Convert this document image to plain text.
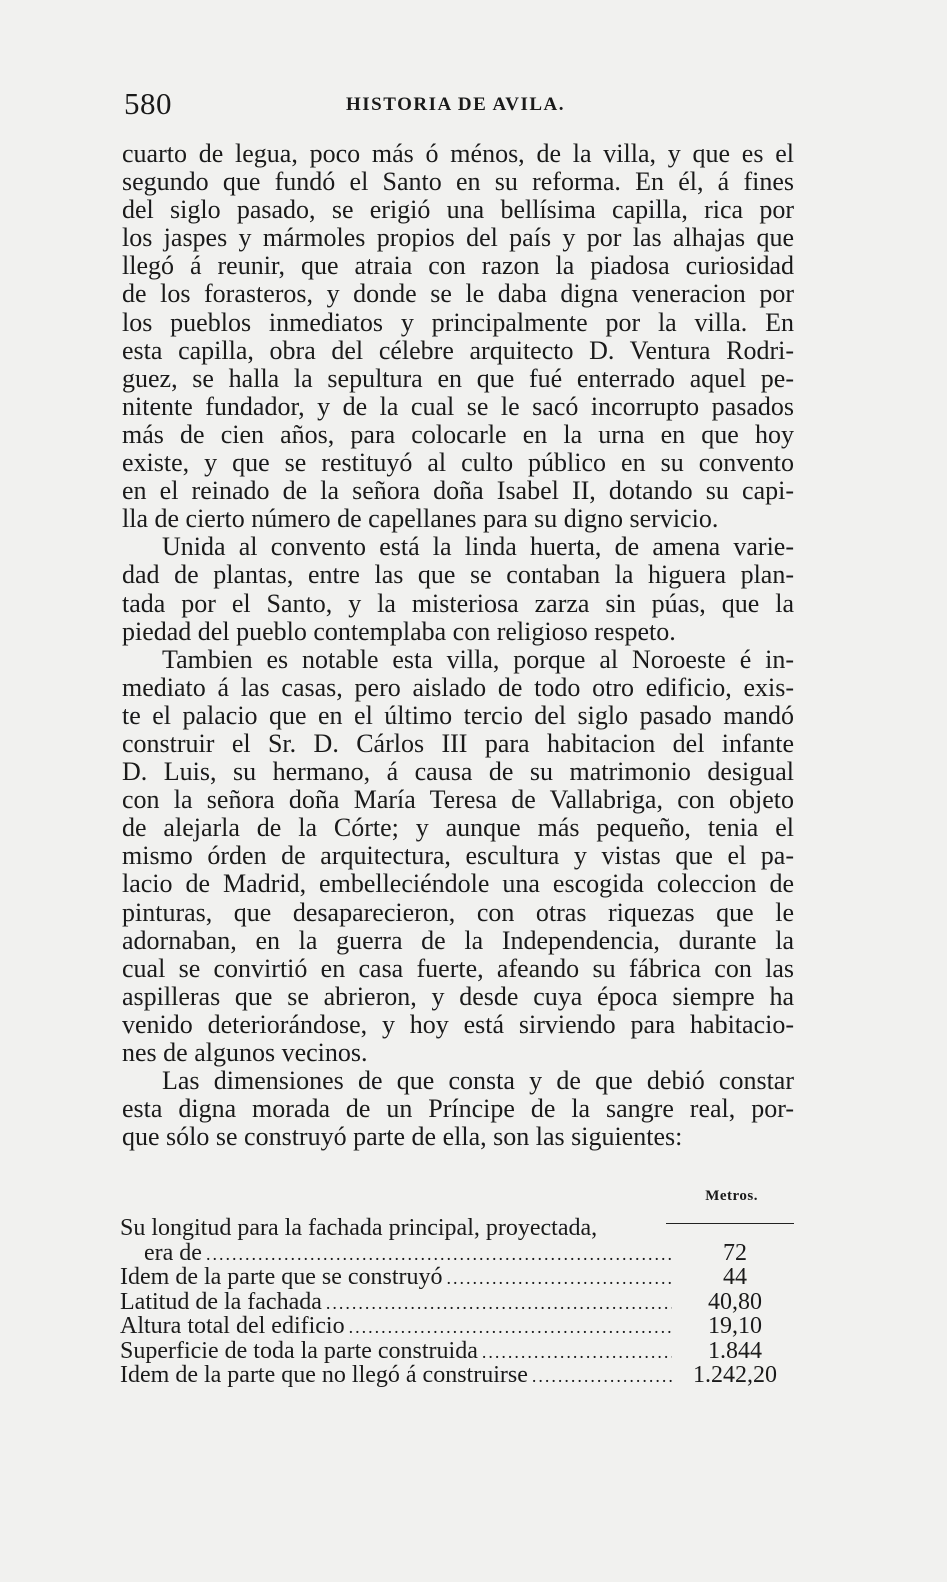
580	HISTORIA DE AVILA.
cuarto de legua, poco más ó ménos, de la villa, y que es el
segundo que fundó el Santo en su reforma. En él, á fines
del siglo pasado, se erigió una bellísima capilla, rica por
los jaspes y mármoles propios del país y por las alhajas que
llegó á reunir, que atraia con razon la piadosa curiosidad
de los forasteros, y donde se le daba digna veneracion por
los pueblos inmediatos y principalmente por la villa. En
esta capilla, obra del célebre arquitecto D. Ventura Rodri-
guez, se halla la sepultura en que fué enterrado aquel pe-
nitente fundador, y de la cual se le sacó incorrupto pasados
más de cien años, para colocarle en la urna en que hoy
existe, y que se restituyó al culto público en su convento
en el reinado de la señora doña Isabel II, dotando su capi-
lla de cierto número de capellanes para su digno servicio.
Unida al convento está la linda huerta, de amena varie-
dad de plantas, entre las que se contaban la higuera plan-
tada por el Santo, y la misteriosa zarza sin púas, que la
piedad del pueblo contemplaba con religioso respeto.
Tambien es notable esta villa, porque al Noroeste é in-
mediato á las casas, pero aislado de todo otro edificio, exis-
te el palacio que en el último tercio del siglo pasado mandó
construir el Sr. D. Cárlos III para habitacion del infante
D. Luis, su hermano, á causa de su matrimonio desigual
con la señora doña María Teresa de Vallabriga, con objeto
de alejarla de la Córte; y aunque más pequeño, tenia el
mismo órden de arquitectura, escultura y vistas que el pa-
lacio de Madrid, embelleciéndole una escogida coleccion de
pinturas, que desaparecieron, con otras riquezas que le
adornaban, en la guerra de la Independencia, durante la
cual se convirtió en casa fuerte, afeando su fábrica con las
aspilleras que se abrieron, y desde cuya época siempre ha
venido deteriorándose, y hoy está sirviendo para habitacio-
nes de algunos vecinos.
Las dimensiones de que consta y de que debió constar
esta digna morada de un Príncipe de la sangre real, por-
que sólo se construyó parte de ella, son las siguientes:
Metros.
Su longitud para la fachada principal, proyectada,
era de .....	72
Idem de la parte que se construyó .....	44
Latitud de la fachada .....	40,80
Altura total del edificio .....	19,10
Superficie de toda la parte construida .....	1.844
Idem de la parte que no llegó á construirse .....	1.242,20
